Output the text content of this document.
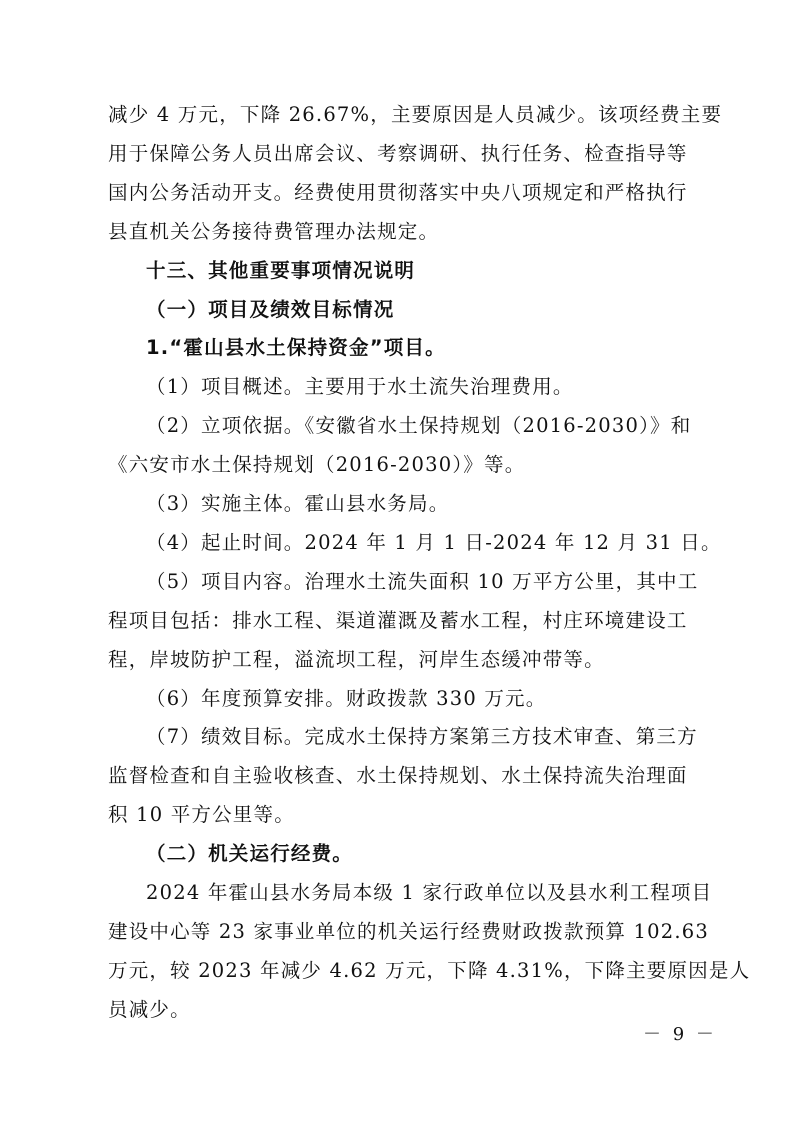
减少 4 万元，下降 26.67%，主要原因是人员减少。该项经费主要
用于保障公务人员出席会议、考察调研、执行任务、检查指导等
国内公务活动开支。经费使用贯彻落实中央八项规定和严格执行
县直机关公务接待费管理办法规定。
十三、其他重要事项情况说明
（一）项目及绩效目标情况
1.“霍山县水土保持资金”项目。
（1）项目概述。主要用于水土流失治理费用。
（2）立项依据。《安徽省水土保持规划（2016-2030）》和
《六安市水土保持规划（2016-2030）》等。
（3）实施主体。霍山县水务局。
（4）起止时间。2024 年 1 月 1 日-2024 年 12 月 31 日。
（5）项目内容。治理水土流失面积 10 万平方公里，其中工
程项目包括：排水工程、渠道灌溉及蓄水工程，村庄环境建设工
程，岸坡防护工程，溢流坝工程，河岸生态缓冲带等。
（6）年度预算安排。财政拨款 330 万元。
（7）绩效目标。完成水土保持方案第三方技术审查、第三方
监督检查和自主验收核查、水土保持规划、水土保持流失治理面
积 10 平方公里等。
（二）机关运行经费。
2024 年霍山县水务局本级 1 家行政单位以及县水利工程项目
建设中心等 23 家事业单位的机关运行经费财政拨款预算 102.63
万元，较 2023 年减少 4.62 万元，下降 4.31%，下降主要原因是人
员减少。
－ 9 －
